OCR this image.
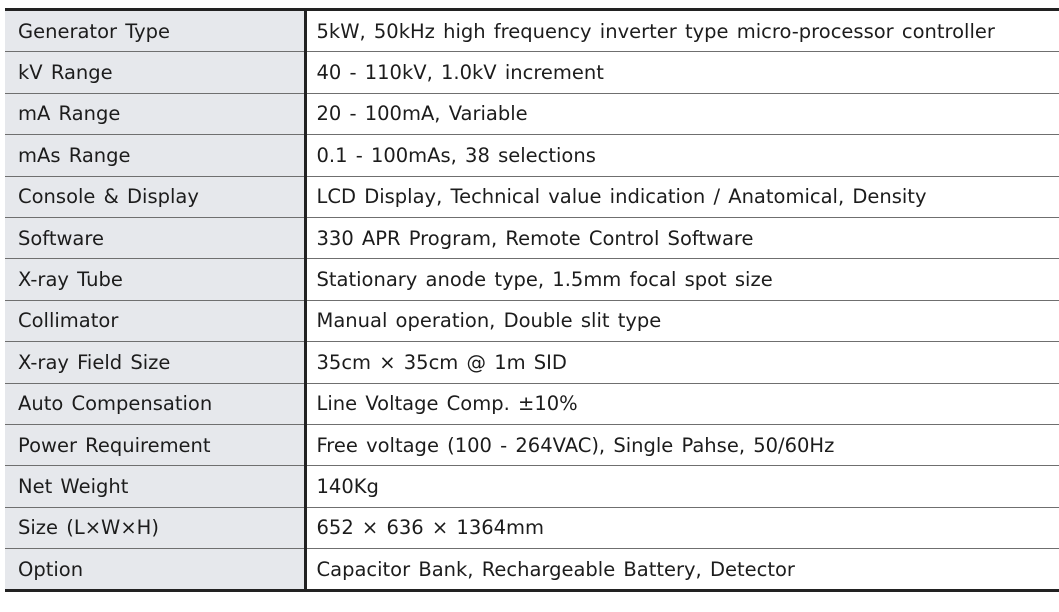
Generator Type	5kW, 50kHz high frequency inverter type micro-processor controller
kV Range	40 - 110kV, 1.0kV increment
mA Range	20 - 100mA, Variable
mAs Range	0.1 - 100mAs, 38 selections
Console & Display	LCD Display, Technical value indication / Anatomical, Density
Software	330 APR Program, Remote Control Software
X-ray Tube	Stationary anode type, 1.5mm focal spot size
Collimator	Manual operation, Double slit type
X-ray Field Size	35cm × 35cm @ 1m SID
Auto Compensation	Line Voltage Comp. ±10%
Power Requirement	Free voltage (100 - 264VAC), Single Pahse, 50/60Hz
Net Weight	140Kg
Size (L×W×H)	652 × 636 × 1364mm
Option	Capacitor Bank, Rechargeable Battery, Detector
